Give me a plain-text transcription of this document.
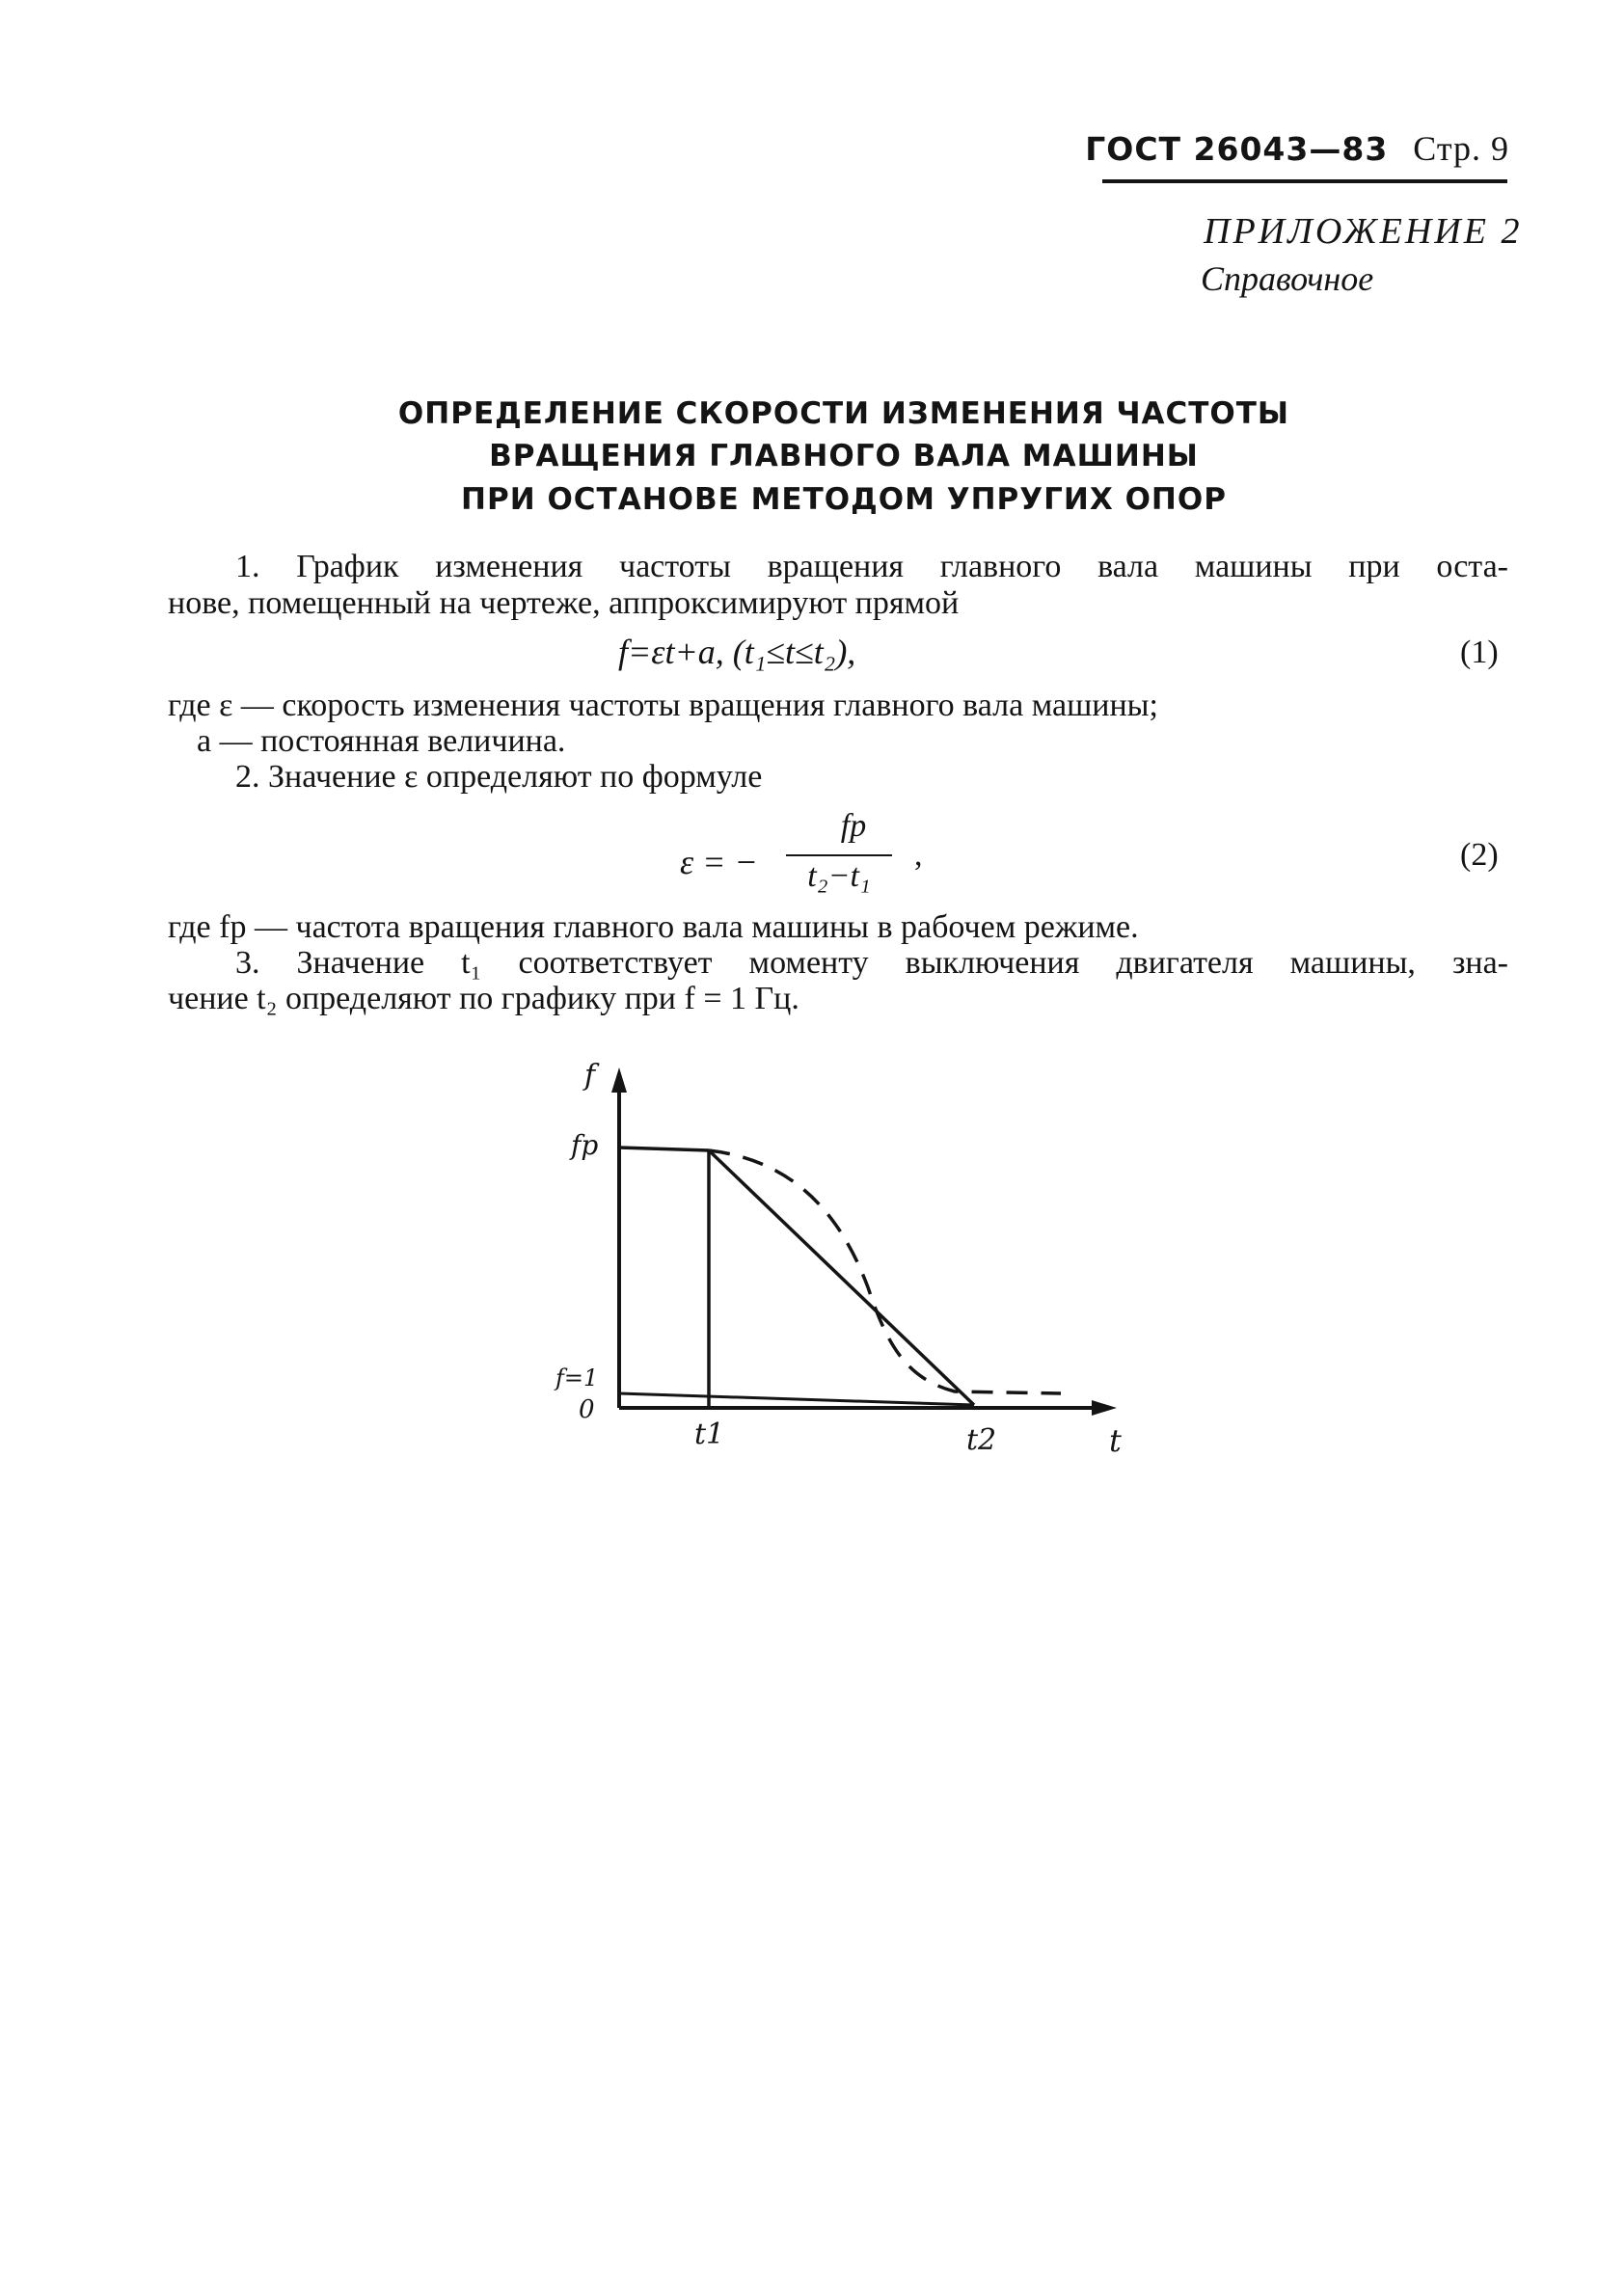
ГОСТ 26043—83 Стр. 9
ПРИЛОЖЕНИЕ 2
Справочное
ОПРЕДЕЛЕНИЕ СКОРОСТИ ИЗМЕНЕНИЯ ЧАСТОТЫ
ВРАЩЕНИЯ ГЛАВНОГО ВАЛА МАШИНЫ
ПРИ ОСТАНОВЕ МЕТОДОМ УПРУГИХ ОПОР
1. График изменения частоты вращения главного вала машины при оста-
нове, помещенный на чертеже, аппроксимируют прямой
f=εt+a, (t₁≤t≤t₂),	(1)
где ε — скорость изменения частоты вращения главного вала машины;
a — постоянная величина.
2. Значение ε определяют по формуле
ε = −
fр
t₂−t₁
,	(2)
где fр — частота вращения главного вала машины в рабочем режиме.
3. Значение t₁ соответствует моменту выключения двигателя машины, зна-
чение t₂ определяют по графику при f = 1 Гц.
f
fp
f=1
0
t1	t2	t
